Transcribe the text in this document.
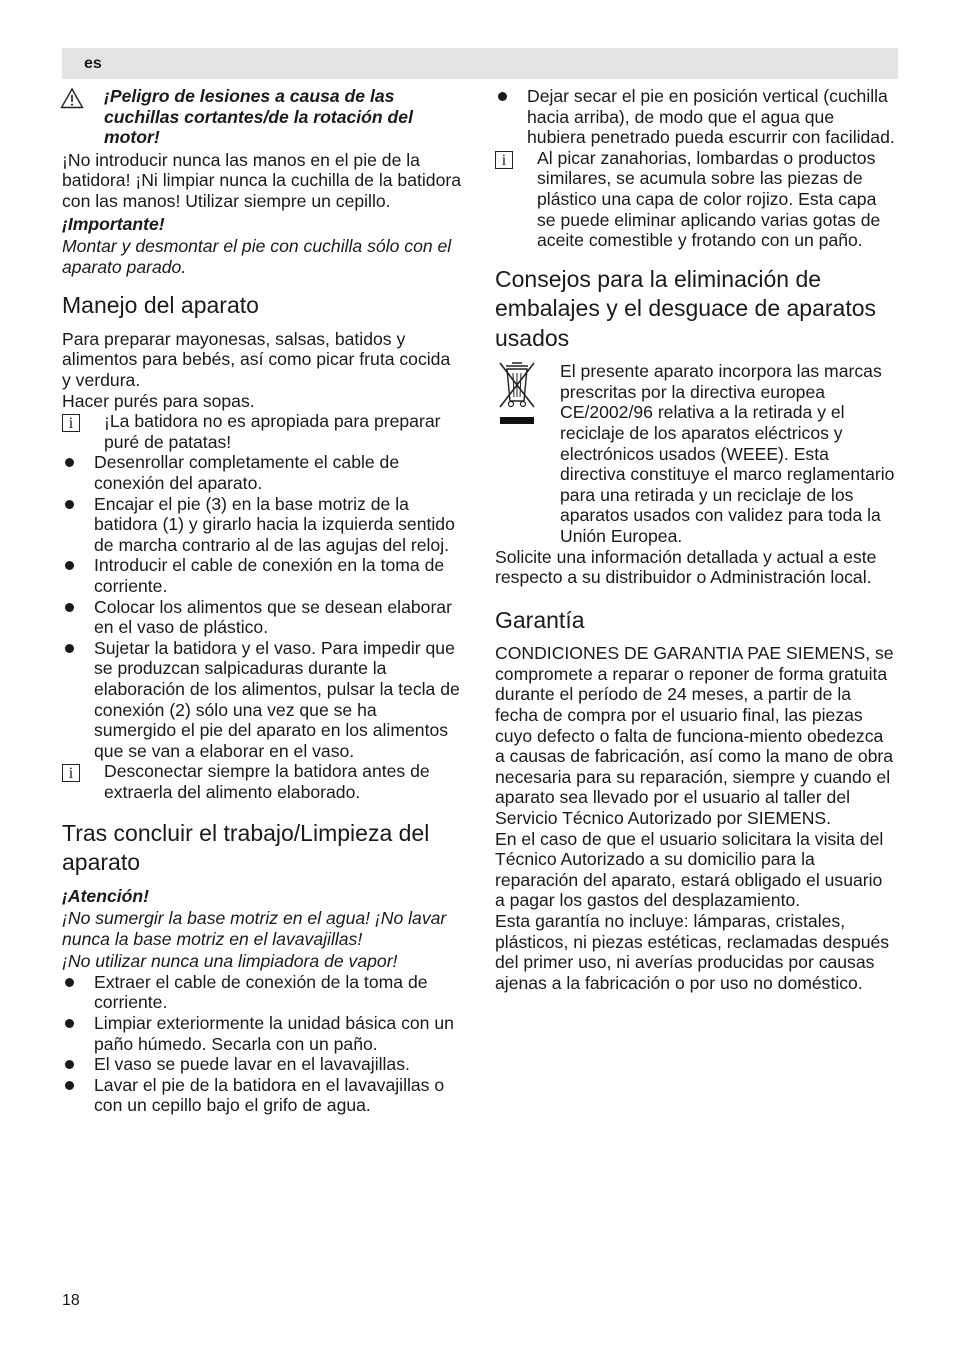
es

¡Peligro de lesiones a causa de las cuchillas cortantes/de la rotación del motor!

¡No introducir nunca las manos en el pie de la batidora! ¡Ni limpiar nunca la cuchilla de la batidora con las manos! Utilizar siempre un cepillo.

¡Importante!

Montar y desmontar el pie con cuchilla sólo con el aparato parado.

Manejo del aparato

Para preparar mayonesas, salsas, batidos y alimentos para bebés, así como picar fruta cocida y verdura.

Hacer purés para sopas.

i	¡La batidora no es apropiada para preparar puré de patatas!

Desenrollar completamente el cable de conexión del aparato.

Encajar el pie (3) en la base motriz de la batidora (1) y girarlo hacia la izquierda sentido de marcha contrario al de las agujas del reloj.

Introducir el cable de conexión en la toma de corriente.

Colocar los alimentos que se desean elaborar en el vaso de plástico.

Sujetar la batidora y el vaso. Para impedir que se produzcan salpicaduras durante la elaboración de los alimentos, pulsar la tecla de conexión (2) sólo una vez que se ha sumergido el pie del aparato en los alimentos que se van a elaborar en el vaso.

i	Desconectar siempre la batidora antes de extraerla del alimento elaborado.

Tras concluir el trabajo/Limpieza del aparato

¡Atención!

¡No sumergir la base motriz en el agua! ¡No lavar nunca la base motriz en el lavavajillas!

¡No utilizar nunca una limpiadora de vapor!

Extraer el cable de conexión de la toma de corriente.

Limpiar exteriormente la unidad básica con un paño húmedo. Secarla con un paño.

El vaso se puede lavar en el lavavajillas.

Lavar el pie de la batidora en el lavavajillas o con un cepillo bajo el grifo de agua.

Dejar secar el pie en posición vertical (cuchilla hacia arriba), de modo que el agua que hubiera penetrado pueda escurrir con facilidad.

i	Al picar zanahorias, lombardas o productos similares, se acumula sobre las piezas de plástico una capa de color rojizo. Esta capa se puede eliminar aplicando varias gotas de aceite comestible y frotando con un paño.

Consejos para la eliminación de embalajes y el desguace de aparatos usados

El presente aparato incorpora las marcas prescritas por la directiva europea CE/2002/96 relativa a la retirada y el reciclaje de los aparatos eléctricos y electrónicos usados (WEEE). Esta directiva constituye el marco reglamentario para una retirada y un reciclaje de los aparatos usados con validez para toda la Unión Europea.

Solicite una información detallada y actual a este respecto a su distribuidor o Administración local.

Garantía

CONDICIONES DE GARANTIA PAE SIEMENS, se compromete a reparar o reponer de forma gratuita durante el período de 24 meses, a partir de la fecha de compra por el usuario final, las piezas cuyo defecto o falta de funciona-miento obedezca a causas de fabricación, así como la mano de obra necesaria para su reparación, siempre y cuando el aparato sea llevado por el usuario al taller del Servicio Técnico Autorizado por SIEMENS.

En el caso de que el usuario solicitara la visita del Técnico Autorizado a su domicilio para la reparación del aparato, estará obligado el usuario a pagar los gastos del desplazamiento.

Esta garantía no incluye: lámparas, cristales, plásticos, ni piezas estéticas, reclamadas después del primer uso, ni averías producidas por causas ajenas a la fabricación o por uso no doméstico.

18
